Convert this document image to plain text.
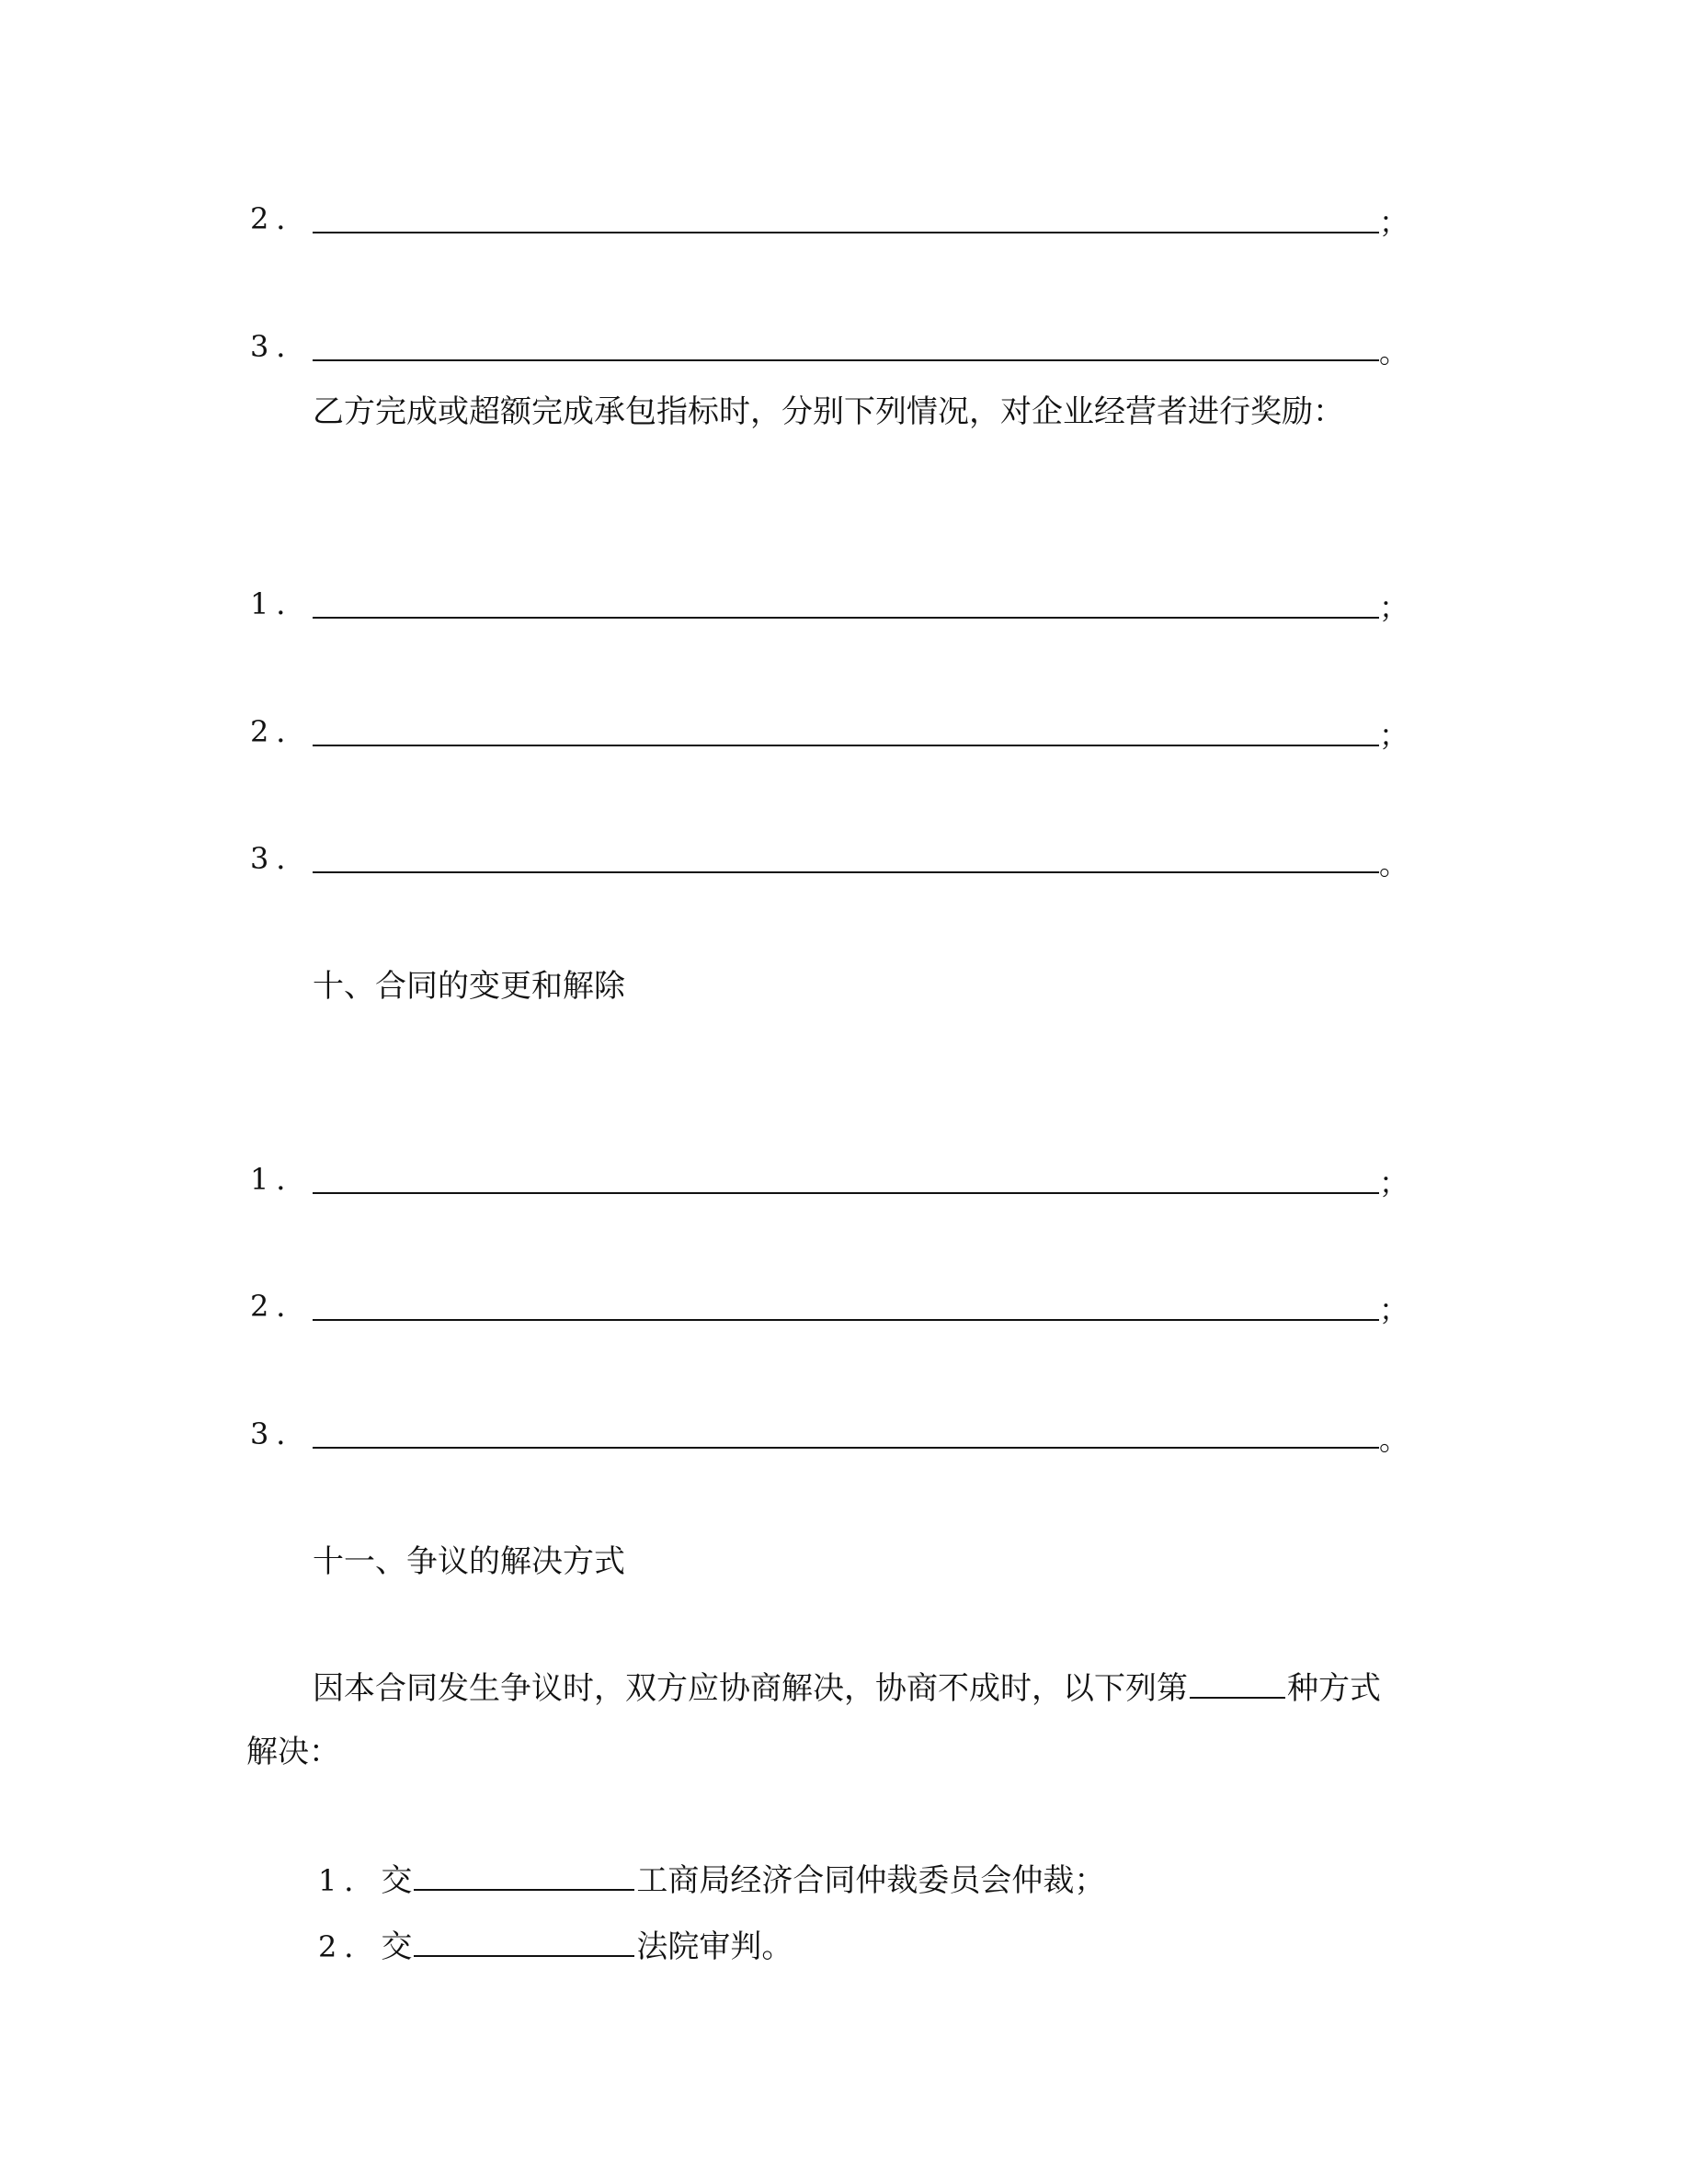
2．	；
3．	。
乙方完成或超额完成承包指标时，分别下列情况，对企业经营者进行奖励：
1．	；
2．	；
3．	。
十、合同的变更和解除
1．	；
2．	；
3．	。
十一、争议的解决方式
因本合同发生争议时，双方应协商解决，协商不成时，以下列第	种方式
解决：
1．交	工商局经济合同仲裁委员会仲裁；
2．交	法院审判。
